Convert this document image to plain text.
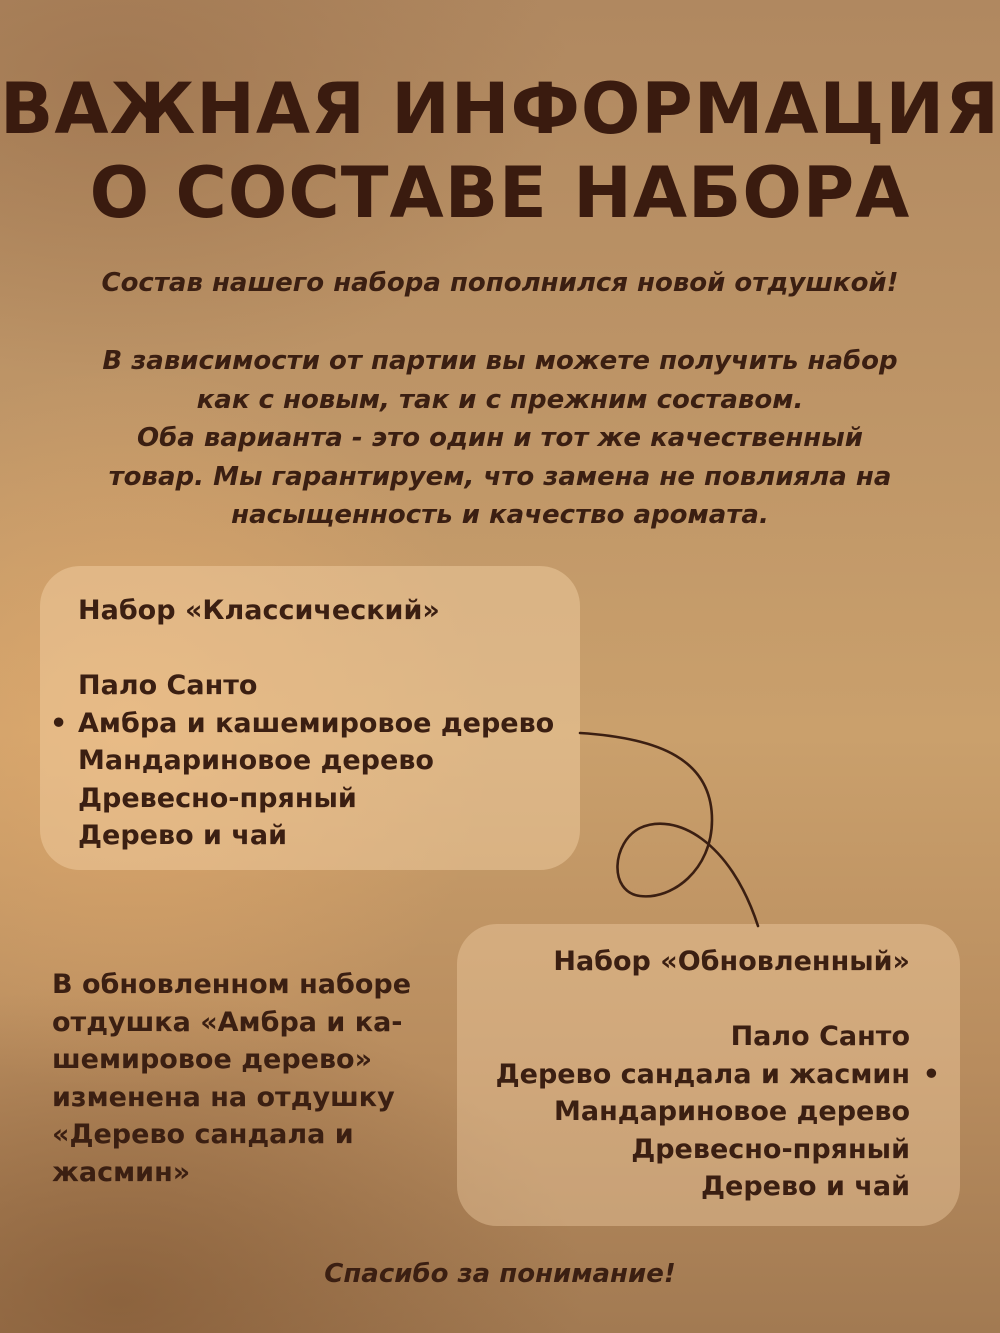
ВАЖНАЯ ИНФОРМАЦИЯ
О СОСТАВЕ НАБОРА

Состав нашего набора пополнился новой отдушкой!

В зависимости от партии вы можете получить набор
как с новым, так и с прежним составом.
Оба варианта - это один и тот же качественный
товар. Мы гарантируем, что замена не повлияла на
насыщенность и качество аромата.

Набор «Классический»

Пало Санто
• Амбра и кашемировое дерево
Мандариновое дерево
Древесно-пряный
Дерево и чай

Набор «Обновленный»

Пало Санто
Дерево сандала и жасмин •
Мандариновое дерево
Древесно-пряный
Дерево и чай

В обновленном наборе
отдушка «Амбра и ка-
шемировое дерево»
изменена на отдушку
«Дерево сандала и
жасмин»

Спасибо за понимание!
